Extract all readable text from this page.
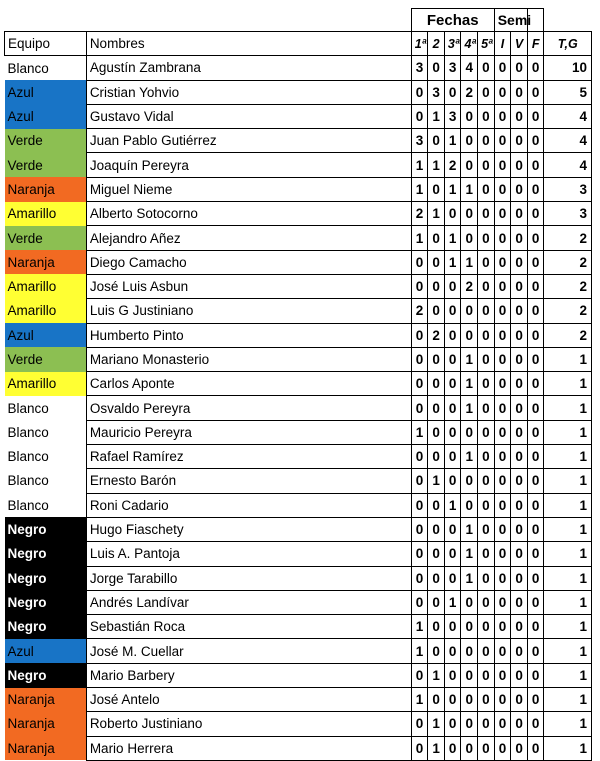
		Fechas					Semi			
Equipo	Nombres	1ª	2	3ª	4ª	5ª	I	V	F	T,G
Blanco	Agustín Zambrana	3	0	3	4	0	0	0	0	10
Azul	Cristian Yohvio	0	3	0	2	0	0	0	0	5
Azul	Gustavo Vidal	0	1	3	0	0	0	0	0	4
Verde	Juan Pablo Gutiérrez	3	0	1	0	0	0	0	0	4
Verde	Joaquín Pereyra	1	1	2	0	0	0	0	0	4
Naranja	Miguel Nieme	1	0	1	1	0	0	0	0	3
Amarillo	Alberto Sotocorno	2	1	0	0	0	0	0	0	3
Verde	Alejandro Añez	1	0	1	0	0	0	0	0	2
Naranja	Diego Camacho	0	0	1	1	0	0	0	0	2
Amarillo	José Luis Asbun	0	0	0	2	0	0	0	0	2
Amarillo	Luis G Justiniano	2	0	0	0	0	0	0	0	2
Azul	Humberto Pinto	0	2	0	0	0	0	0	0	2
Verde	Mariano Monasterio	0	0	0	1	0	0	0	0	1
Amarillo	Carlos Aponte	0	0	0	1	0	0	0	0	1
Blanco	Osvaldo Pereyra	0	0	0	1	0	0	0	0	1
Blanco	Mauricio Pereyra	1	0	0	0	0	0	0	0	1
Blanco	Rafael Ramírez	0	0	0	1	0	0	0	0	1
Blanco	Ernesto Barón	0	1	0	0	0	0	0	0	1
Blanco	Roni Cadario	0	0	1	0	0	0	0	0	1
Negro	Hugo Fiaschety	0	0	0	1	0	0	0	0	1
Negro	Luis A. Pantoja	0	0	0	1	0	0	0	0	1
Negro	Jorge Tarabillo	0	0	0	1	0	0	0	0	1
Negro	Andrés Landívar	0	0	1	0	0	0	0	0	1
Negro	Sebastián Roca	1	0	0	0	0	0	0	0	1
Azul	José M. Cuellar	1	0	0	0	0	0	0	0	1
Negro	Mario Barbery	0	1	0	0	0	0	0	0	1
Naranja	José Antelo	1	0	0	0	0	0	0	0	1
Naranja	Roberto Justiniano	0	1	0	0	0	0	0	0	1
Naranja	Mario Herrera	0	1	0	0	0	0	0	0	1
